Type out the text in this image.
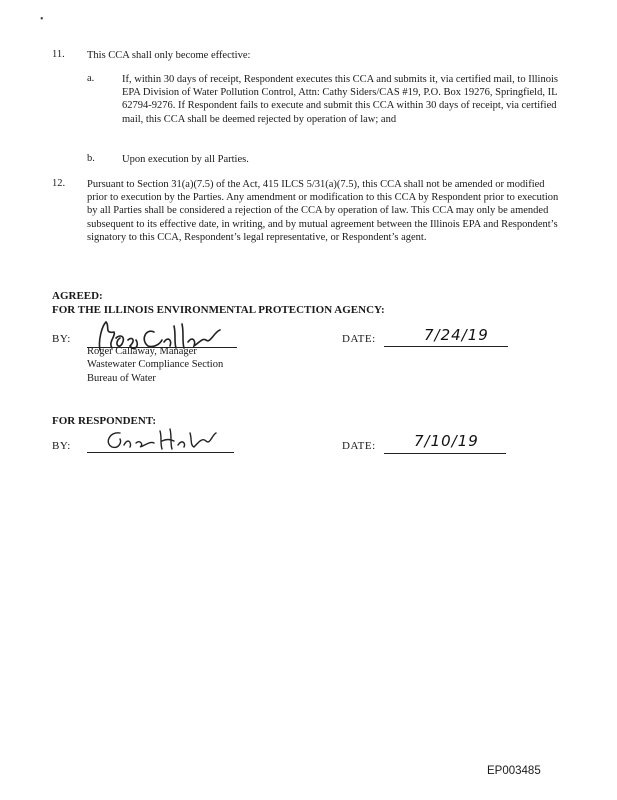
•
11. This CCA shall only become effective:
a.	If, within 30 days of receipt, Respondent executes this CCA and submits it, via certified mail, to Illinois EPA Division of Water Pollution Control, Attn: Cathy Siders/CAS #19, P.O. Box 19276, Springfield, IL 62794-9276. If Respondent fails to execute and submit this CCA within 30 days of receipt, via certified mail, this CCA shall be deemed rejected by operation of law; and
b.	Upon execution by all Parties.
12. Pursuant to Section 31(a)(7.5) of the Act, 415 ILCS 5/31(a)(7.5), this CCA shall not be amended or modified prior to execution by the Parties. Any amendment or modification to this CCA by Respondent prior to execution by all Parties shall be considered a rejection of the CCA by operation of law. This CCA may only be amended subsequent to its effective date, in writing, and by mutual agreement between the Illinois EPA and Respondent’s signatory to this CCA, Respondent’s legal representative, or Respondent’s agent.
AGREED:
FOR THE ILLINOIS ENVIRONMENTAL PROTECTION AGENCY:
BY:	DATE:	7/24/19
Roger Callaway, Manager
Wastewater Compliance Section
Bureau of Water
FOR RESPONDENT:
BY:	DATE:	7/10/19
EP003485
